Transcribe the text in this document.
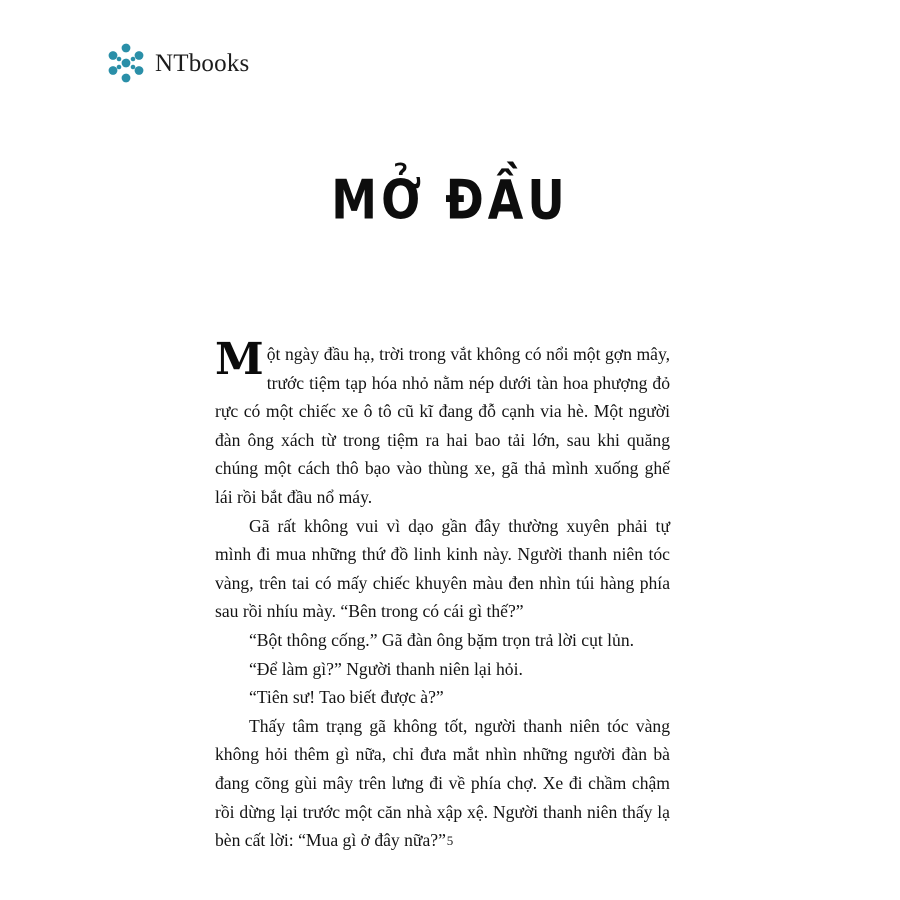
NTbooks
MỞ ĐẦU

Một ngày đầu hạ, trời trong vắt không có nổi một gợn mây, trước tiệm tạp hóa nhỏ nằm nép dưới tàn hoa phượng đỏ rực có một chiếc xe ô tô cũ kĩ đang đỗ cạnh via hè. Một người đàn ông xách từ trong tiệm ra hai bao tải lớn, sau khi quăng chúng một cách thô bạo vào thùng xe, gã thả mình xuống ghế lái rồi bắt đầu nổ máy.

Gã rất không vui vì dạo gần đây thường xuyên phải tự mình đi mua những thứ đồ linh kinh này. Người thanh niên tóc vàng, trên tai có mấy chiếc khuyên màu đen nhìn túi hàng phía sau rồi nhíu mày. “Bên trong có cái gì thế?”

“Bột thông cống.” Gã đàn ông bặm trọn trả lời cụt lủn.

“Để làm gì?” Người thanh niên lại hỏi.

“Tiên sư! Tao biết được à?”

Thấy tâm trạng gã không tốt, người thanh niên tóc vàng không hỏi thêm gì nữa, chỉ đưa mắt nhìn những người đàn bà đang cõng gùi mây trên lưng đi về phía chợ. Xe đi chầm chậm rồi dừng lại trước một căn nhà xập xệ. Người thanh niên thấy lạ bèn cất lời: “Mua gì ở đây nữa?” 5
